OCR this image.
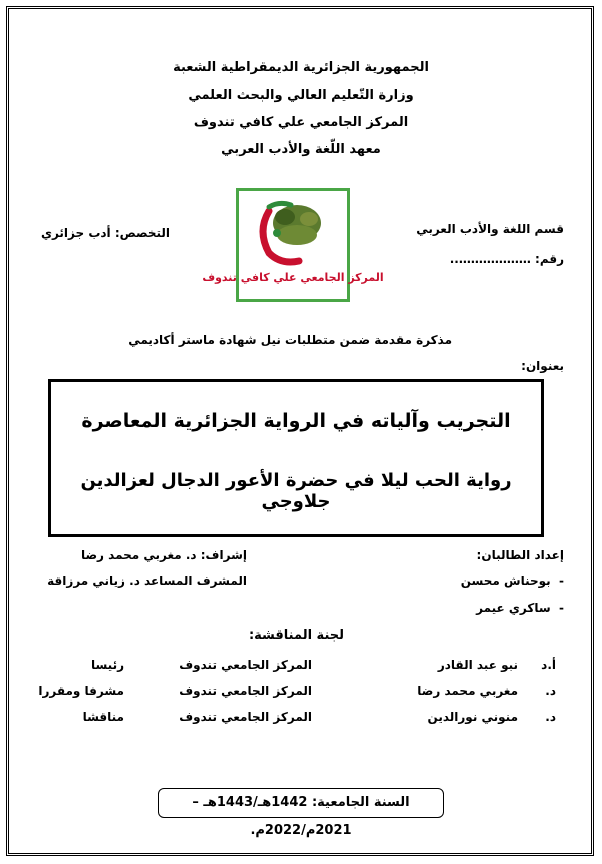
الجمهورية الجزائرية الديمقراطية الشعبة
وزارة التّعليم العالي والبحث العلمي
المركز الجامعي علي كافي تندوف
معهد اللّغة والأدب العربي
قسم اللغة والأدب العربي
التخصص: أدب جزائري
رقم: ………………..
المركز الجامعي علي كافي تندوف
مذكرة مقدمة ضمن متطلبات نيل شهادة ماستر أكاديمي
بعنوان:
التجريب وآلياته في الرواية الجزائرية المعاصرة
رواية الحب ليلا في حضرة الأعور الدجال لعزالدين جلاوجي
إعداد الطالبان:
-  بوحناش محسن
-  ساكري عيمر
إشراف: د. مغربي محمد رضا
المشرف المساعد د. زياني مرزاقة
لجنة المناقشة:
أ.د
نبو عبد القادر
المركز الجامعي تندوف
رئيسا
د.
مغربي محمد رضا
المركز الجامعي تندوف
مشرفا ومقررا
د.
منوني نورالدين
المركز الجامعي تندوف
مناقشا
السنة الجامعية: 1442هـ/1443هـ –2021م/2022م.
